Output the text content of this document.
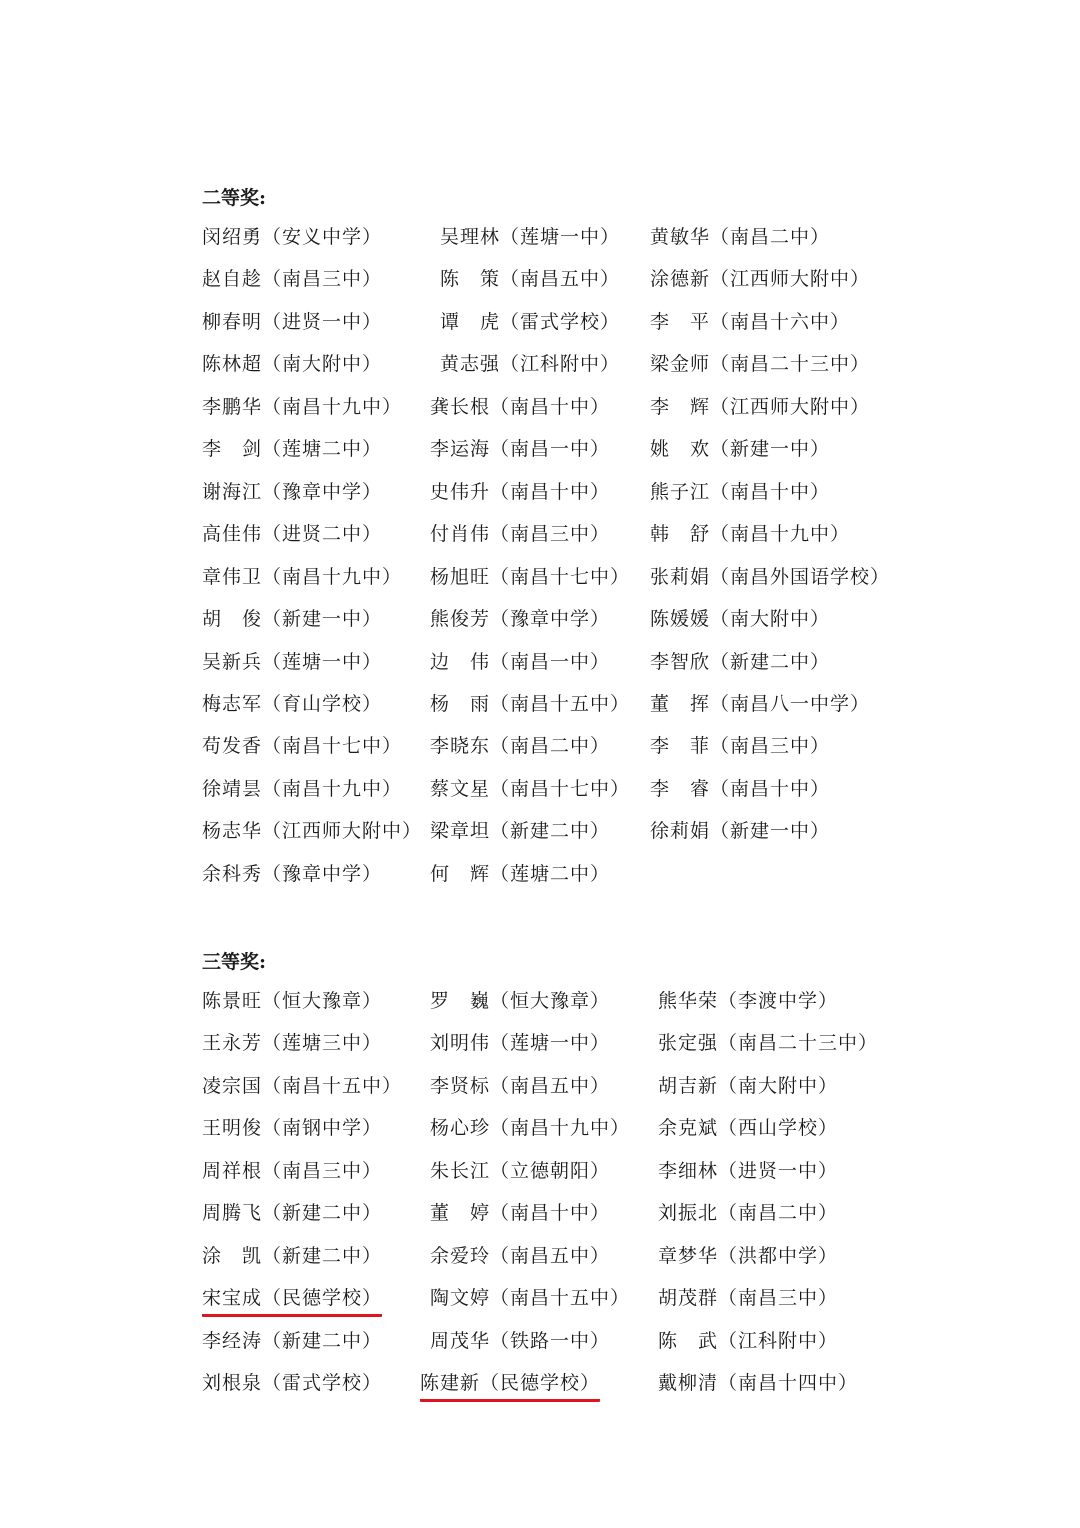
二等奖:
闵绍勇（安义中学）	吴理林（莲塘一中） 黄敏华（南昌二中）
赵自趁（南昌三中）	陈　策（南昌五中） 涂德新（江西师大附中）
柳春明（进贤一中）	谭　虎（雷式学校） 李　平（南昌十六中）
陈林超（南大附中）	黄志强（江科附中） 梁金师（南昌二十三中）
李鹏华（南昌十九中） 龚长根（南昌十中） 李　辉（江西师大附中）
李　剑（莲塘二中）	李运海（南昌一中） 姚　欢（新建一中）
谢海江（豫章中学）	史伟升（南昌十中） 熊子江（南昌十中）
高佳伟（进贤二中）	付肖伟（南昌三中） 韩　舒（南昌十九中）
章伟卫（南昌十九中） 杨旭旺（南昌十七中） 张莉娟（南昌外国语学校）
胡　俊（新建一中）	熊俊芳（豫章中学） 陈媛媛（南大附中）
吴新兵（莲塘一中）	边　伟（南昌一中） 李智欣（新建二中）
梅志军（育山学校）	杨　雨（南昌十五中） 董　挥（南昌八一中学）
苟发香（南昌十七中） 李晓东（南昌二中） 李　菲（南昌三中）
徐靖昙（南昌十九中） 蔡文星（南昌十七中） 李　睿（南昌十中）
杨志华（江西师大附中） 梁章坦（新建二中） 徐莉娟（新建一中）
余科秀（豫章中学）	何　辉（莲塘二中）
三等奖:
陈景旺（恒大豫章）	罗　巍（恒大豫章）	熊华荣（李渡中学）
王永芳（莲塘三中）	刘明伟（莲塘一中）	张定强（南昌二十三中）
凌宗国（南昌十五中） 李贤标（南昌五中）	胡吉新（南大附中）
王明俊（南钢中学）	杨心珍（南昌十九中） 余克斌（西山学校）
周祥根（南昌三中）	朱长江（立德朝阳）	李细林（进贤一中）
周腾飞（新建二中）	董　婷（南昌十中）	刘振北（南昌二中）
涂　凯（新建二中）	余爱玲（南昌五中）	章梦华（洪都中学）
宋宝成（民德学校）	陶文婷（南昌十五中） 胡茂群（南昌三中）
李经涛（新建二中）	周茂华（铁路一中）	陈　武（江科附中）
刘根泉（雷式学校） 陈建新（民德学校）	戴柳清（南昌十四中）
